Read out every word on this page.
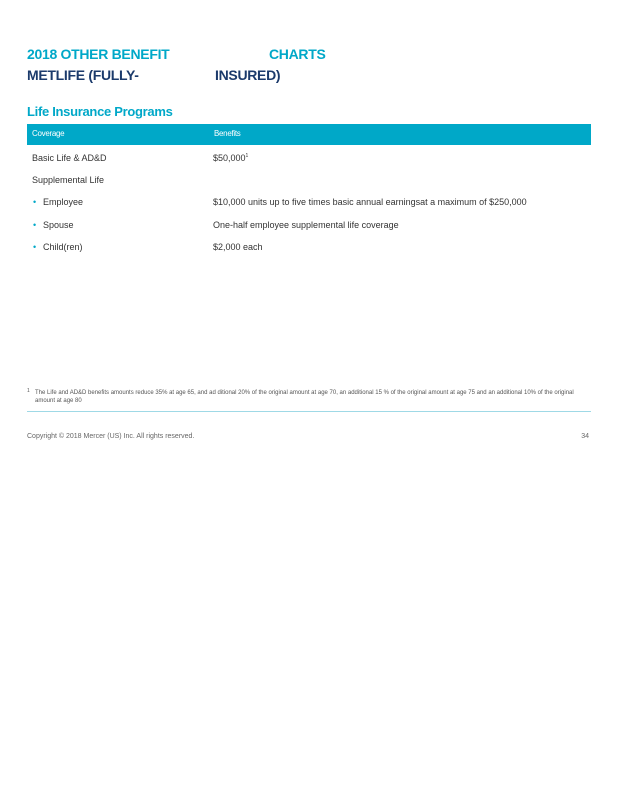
2018 OTHER BENEFIT	CHARTS
METLIFE (FULLY-	INSURED)
Life Insurance Programs
Coverage	Benefits
Basic Life & AD&D	$50,000$^1$
Supplemental Life
• Employee	$10,000 units up to five times basic annual earningsat a maximum of $250,000
• Spouse	One-half employee supplemental life coverage
• Child(ren)	$2,000 each
1 The Life and AD&D benefits amounts reduce 35% at age 65, and ad ditional 20% of the original amount at age 70, an additional 15 % of the original amount at age 75 and an additional 10% of the original amount at age 80
Copyright © 2018 Mercer (US) Inc. All rights reserved.	34
